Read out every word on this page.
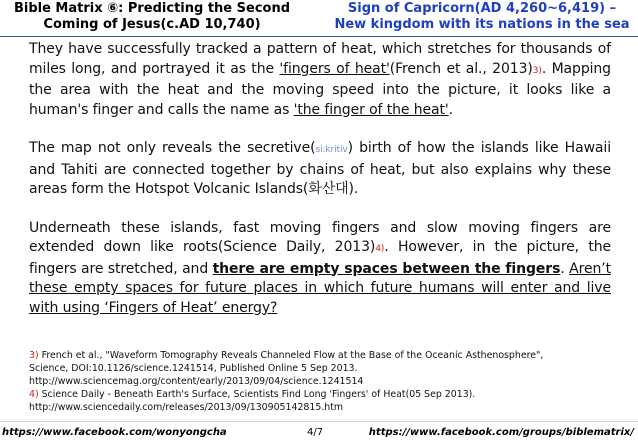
Bible Matrix ⑥: Predicting the Second
Coming of Jesus(c.AD 10,740)
Sign of Capricorn(AD 4,260~6,419) –
New kingdom with its nations in the sea

They have successfully tracked a pattern of heat, which stretches for thousands of miles long, and portrayed it as the 'fingers of heat'(French et al., 2013)3). Mapping the area with the heat and the moving speed into the picture, it looks like a human's finger and calls the name as 'the finger of the heat'.

The map not only reveals the secretive(si:kritiv) birth of how the islands like Hawaii and Tahiti are connected together by chains of heat, but also explains why these areas form the Hotspot Volcanic Islands(화산대).

Underneath these islands, fast moving fingers and slow moving fingers are extended down like roots(Science Daily, 2013)4). However, in the picture, the fingers are stretched, and there are empty spaces between the fingers. Aren’t these empty spaces for future places in which future humans will enter and live with using ‘Fingers of Heat’ energy?

3) French et al., "Waveform Tomography Reveals Channeled Flow at the Base of the Oceanic Asthenosphere",
Science, DOI:10.1126/science.1241514, Published Online 5 Sep 2013.
http://www.sciencemag.org/content/early/2013/09/04/science.1241514
4) Science Daily - Beneath Earth's Surface, Scientists Find Long 'Fingers' of Heat(05 Sep 2013).
http://www.sciencedaily.com/releases/2013/09/130905142815.htm
https://www.facebook.com/wonyongcha	4/7	https://www.facebook.com/groups/biblematrix/
